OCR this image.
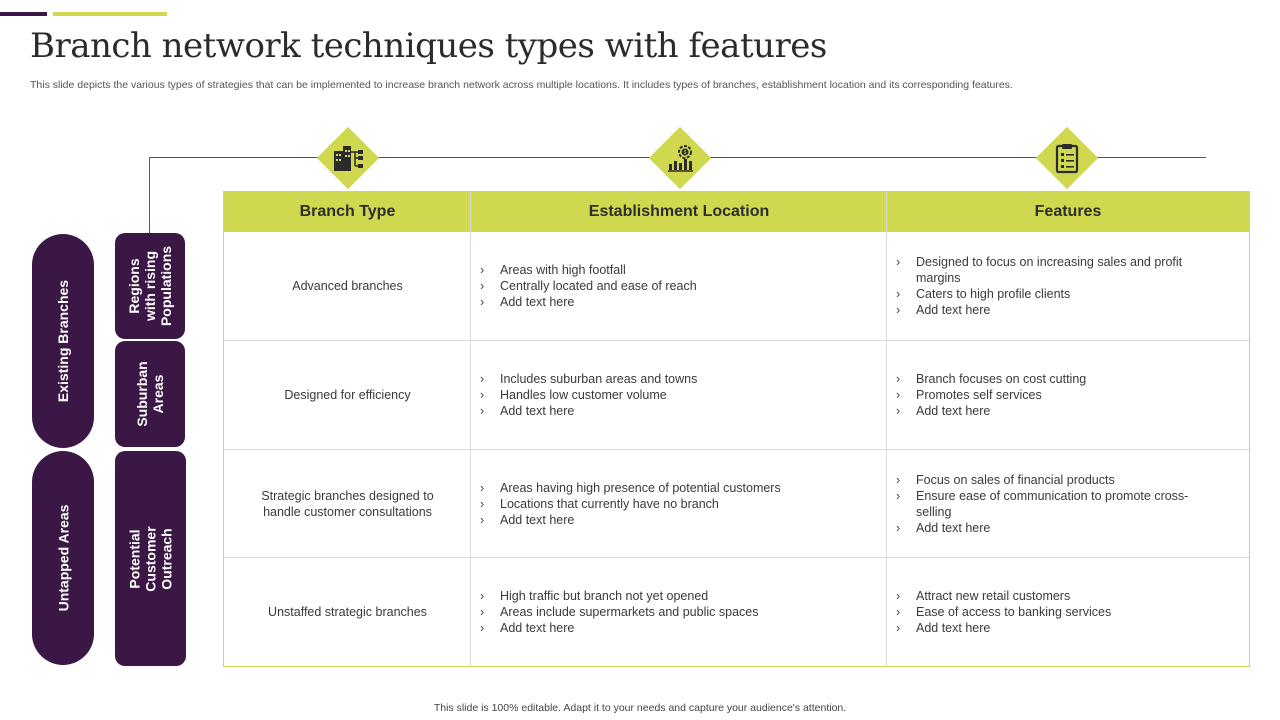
Branch network techniques types with features

This slide depicts the various types of strategies that can be implemented to increase branch network across multiple locations. It includes types of branches, establishment location and its corresponding features.

$
Existing Branches
Untapped Areas
Regions with rising Populations
Suburban Areas
Potential Customer Outreach
Branch Type	Establishment Location	Features
Advanced branches
› Areas with high footfall
› Centrally located and ease of reach
› Add text here
› Designed to focus on increasing sales and profit margins
› Caters to high profile clients
› Add text here
Designed for efficiency
› Includes suburban areas and towns
› Handles low customer volume
› Add text here
› Branch focuses on cost cutting
› Promotes self services
› Add text here
Strategic branches designed to handle customer consultations
› Areas having high presence of potential customers
› Locations that currently have no branch
› Add text here
› Focus on sales of financial products
› Ensure ease of communication to promote cross-selling
› Add text here
Unstaffed strategic branches
› High traffic but branch not yet opened
› Areas include supermarkets and public spaces
› Add text here
› Attract new retail customers
› Ease of access to banking services
› Add text here

This slide is 100% editable. Adapt it to your needs and capture your audience's attention.
